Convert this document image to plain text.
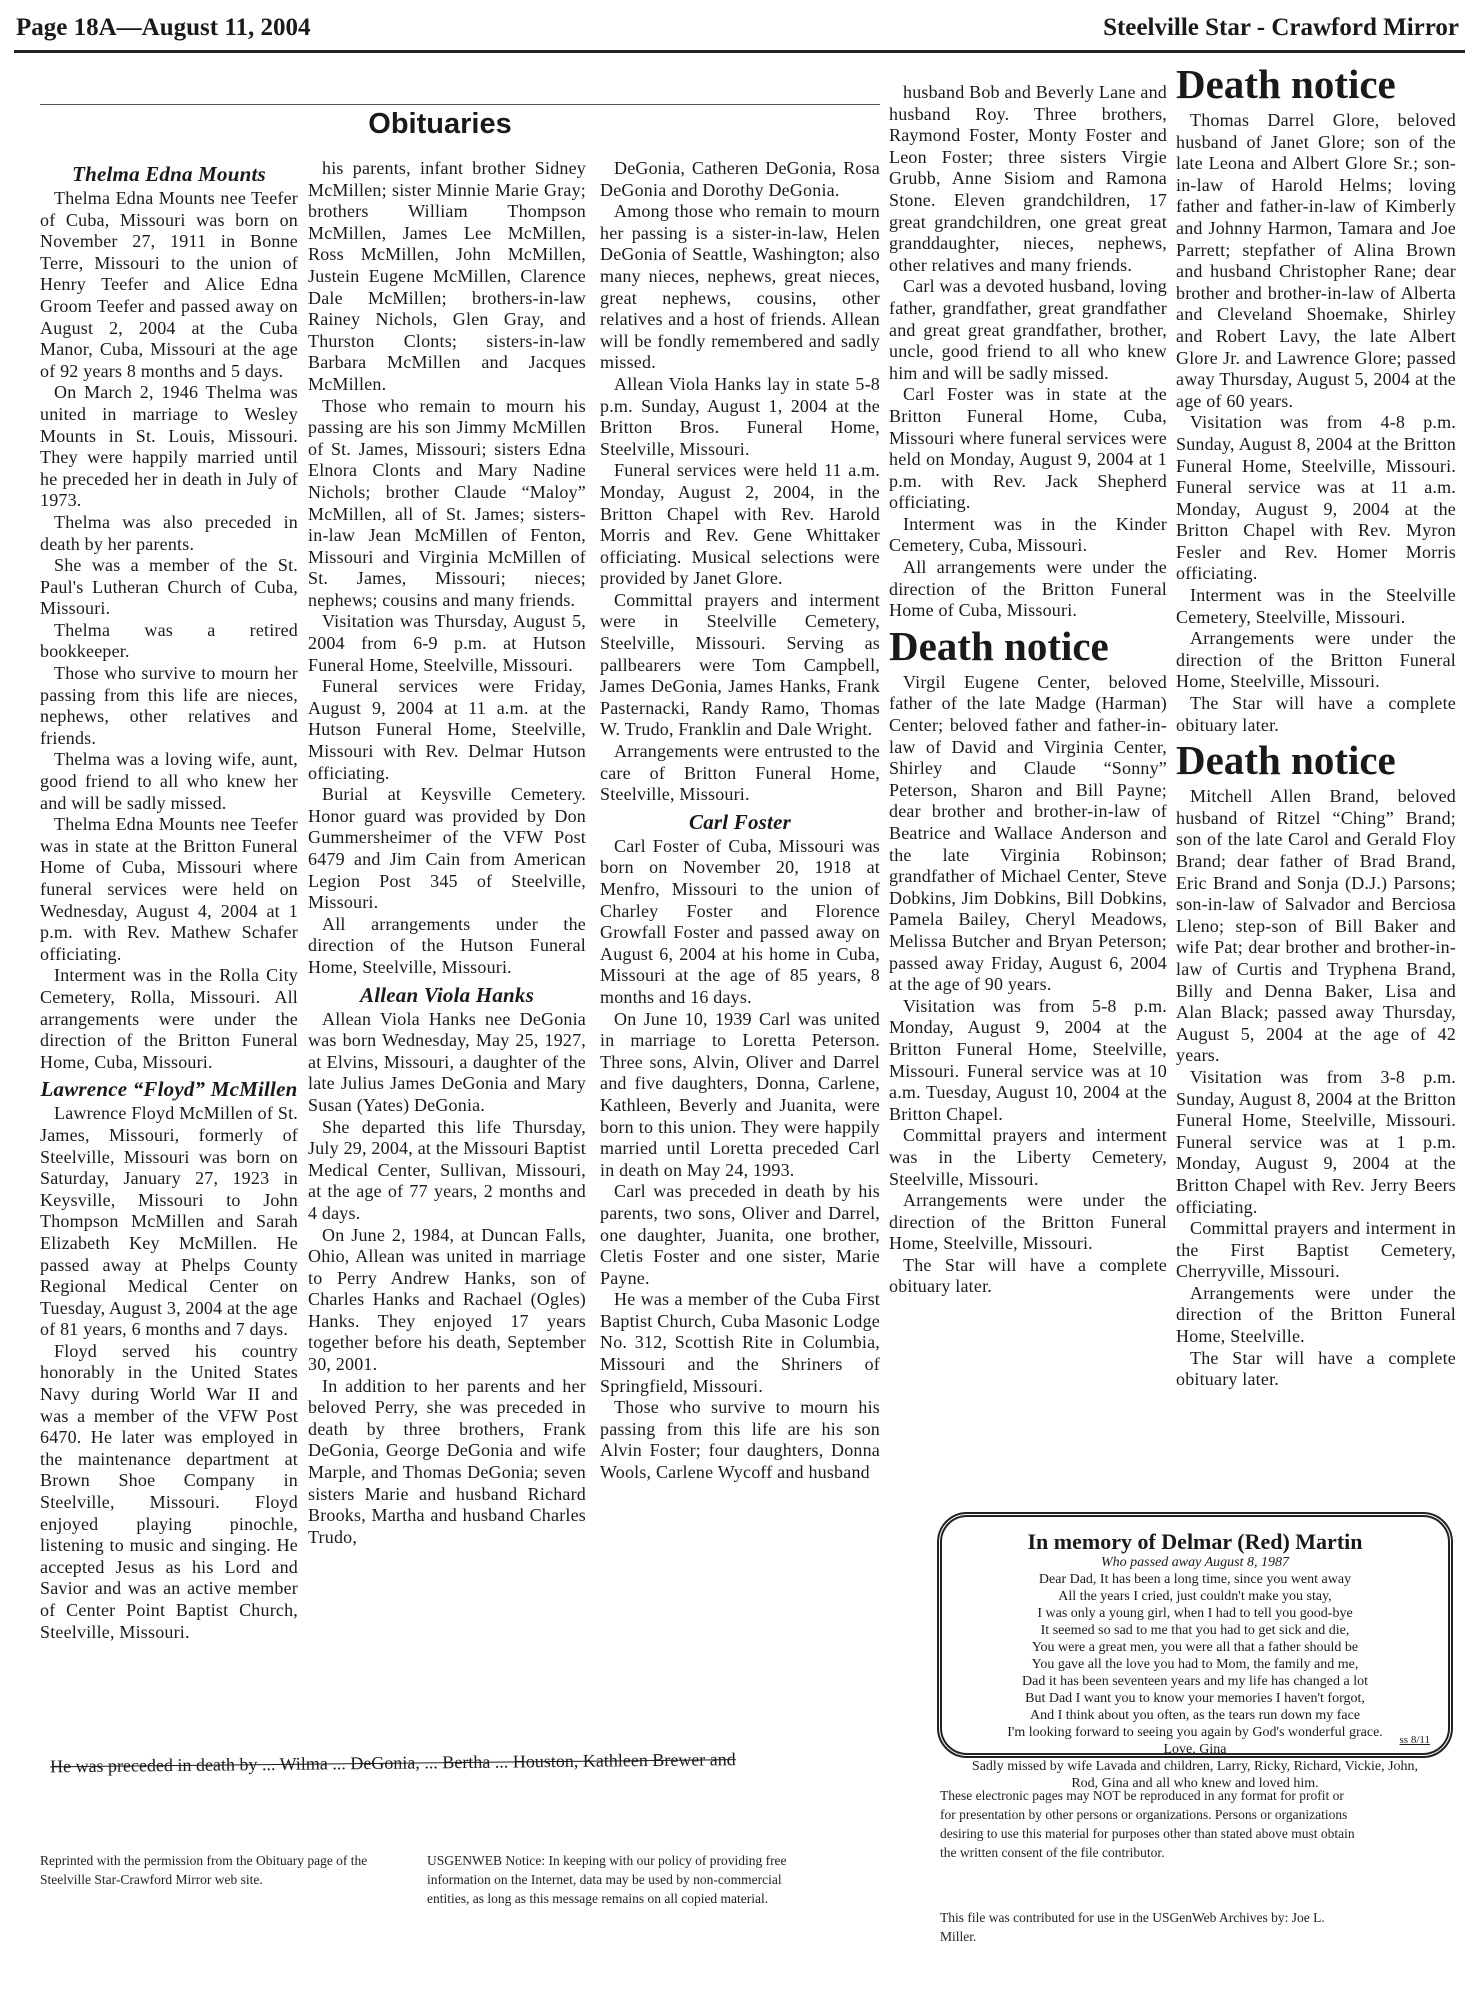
Page 18A—August 11, 2004	Steelville Star - Crawford Mirror
Obituaries
Thelma Edna Mounts

Thelma Edna Mounts nee Teefer of Cuba, Missouri was born on November 27, 1911 in Bonne Terre, Missouri to the union of Henry Teefer and Alice Edna Groom Teefer and passed away on August 2, 2004 at the Cuba Manor, Cuba, Missouri at the age of 92 years 8 months and 5 days.

On March 2, 1946 Thelma was united in marriage to Wesley Mounts in St. Louis, Missouri. They were happily married until he preceded her in death in July of 1973.

Thelma was also preceded in death by her parents.

She was a member of the St. Paul's Lutheran Church of Cuba, Missouri.

Thelma was a retired bookkeeper.

Those who survive to mourn her passing from this life are nieces, nephews, other relatives and friends.

Thelma was a loving wife, aunt, good friend to all who knew her and will be sadly missed.

Thelma Edna Mounts nee Teefer was in state at the Britton Funeral Home of Cuba, Missouri where funeral services were held on Wednesday, August 4, 2004 at 1 p.m. with Rev. Mathew Schafer officiating.

Interment was in the Rolla City Cemetery, Rolla, Missouri. All arrangements were under the direction of the Britton Funeral Home, Cuba, Missouri.

Lawrence “Floyd” McMillen

Lawrence Floyd McMillen of St. James, Missouri, formerly of Steelville, Missouri was born on Saturday, January 27, 1923 in Keysville, Missouri to John Thompson McMillen and Sarah Elizabeth Key McMillen. He passed away at Phelps County Regional Medical Center on Tuesday, August 3, 2004 at the age of 81 years, 6 months and 7 days.

Floyd served his country honorably in the United States Navy during World War II and was a member of the VFW Post 6470. He later was employed in the maintenance department at Brown Shoe Company in Steelville, Missouri. Floyd enjoyed playing pinochle, listening to music and singing. He accepted Jesus as his Lord and Savior and was an active member of Center Point Baptist Church, Steelville, Missouri.

his parents, infant brother Sidney McMillen; sister Minnie Marie Gray; brothers William Thompson McMillen, James Lee McMillen, Ross McMillen, John McMillen, Justein Eugene McMillen, Clarence Dale McMillen; brothers-in-law Rainey Nichols, Glen Gray, and Thurston Clonts; sisters-in-law Barbara McMillen and Jacques McMillen.

Those who remain to mourn his passing are his son Jimmy McMillen of St. James, Missouri; sisters Edna Elnora Clonts and Mary Nadine Nichols; brother Claude “Maloy” McMillen, all of St. James; sisters-in-law Jean McMillen of Fenton, Missouri and Virginia McMillen of St. James, Missouri; nieces; nephews; cousins and many friends.

Visitation was Thursday, August 5, 2004 from 6-9 p.m. at Hutson Funeral Home, Steelville, Missouri.

Funeral services were Friday, August 9, 2004 at 11 a.m. at the Hutson Funeral Home, Steelville, Missouri with Rev. Delmar Hutson officiating.

Burial at Keysville Cemetery. Honor guard was provided by Don Gummersheimer of the VFW Post 6479 and Jim Cain from American Legion Post 345 of Steelville, Missouri.

All arrangements under the direction of the Hutson Funeral Home, Steelville, Missouri.

Allean Viola Hanks

Allean Viola Hanks nee DeGonia was born Wednesday, May 25, 1927, at Elvins, Missouri, a daughter of the late Julius James DeGonia and Mary Susan (Yates) DeGonia.

She departed this life Thursday, July 29, 2004, at the Missouri Baptist Medical Center, Sullivan, Missouri, at the age of 77 years, 2 months and 4 days.

On June 2, 1984, at Duncan Falls, Ohio, Allean was united in marriage to Perry Andrew Hanks, son of Charles Hanks and Rachael (Ogles) Hanks. They enjoyed 17 years together before his death, September 30, 2001.

In addition to her parents and her beloved Perry, she was preceded in death by three brothers, Frank DeGonia, George DeGonia and wife Marple, and Thomas DeGonia; seven sisters Marie and husband Richard Brooks, Martha and husband Charles Trudo,

DeGonia, Catheren DeGonia, Rosa DeGonia and Dorothy DeGonia.

Among those who remain to mourn her passing is a sister-in-law, Helen DeGonia of Seattle, Washington; also many nieces, nephews, great nieces, great nephews, cousins, other relatives and a host of friends. Allean will be fondly remembered and sadly missed.

Allean Viola Hanks lay in state 5-8 p.m. Sunday, August 1, 2004 at the Britton Bros. Funeral Home, Steelville, Missouri.

Funeral services were held 11 a.m. Monday, August 2, 2004, in the Britton Chapel with Rev. Harold Morris and Rev. Gene Whittaker officiating. Musical selections were provided by Janet Glore.

Committal prayers and interment were in Steelville Cemetery, Steelville, Missouri. Serving as pallbearers were Tom Campbell, James DeGonia, James Hanks, Frank Pasternacki, Randy Ramo, Thomas W. Trudo, Franklin and Dale Wright.

Arrangements were entrusted to the care of Britton Funeral Home, Steelville, Missouri.

Carl Foster

Carl Foster of Cuba, Missouri was born on November 20, 1918 at Menfro, Missouri to the union of Charley Foster and Florence Growfall Foster and passed away on August 6, 2004 at his home in Cuba, Missouri at the age of 85 years, 8 months and 16 days.

On June 10, 1939 Carl was united in marriage to Loretta Peterson. Three sons, Alvin, Oliver and Darrel and five daughters, Donna, Carlene, Kathleen, Beverly and Juanita, were born to this union. They were happily married until Loretta preceded Carl in death on May 24, 1993.

Carl was preceded in death by his parents, two sons, Oliver and Darrel, one daughter, Juanita, one brother, Cletis Foster and one sister, Marie Payne.

He was a member of the Cuba First Baptist Church, Cuba Masonic Lodge No. 312, Scottish Rite in Columbia, Missouri and the Shriners of Springfield, Missouri.

Those who survive to mourn his passing from this life are his son Alvin Foster; four daughters, Donna Wools, Carlene Wycoff and husband

husband Bob and Beverly Lane and husband Roy. Three brothers, Raymond Foster, Monty Foster and Leon Foster; three sisters Virgie Grubb, Anne Sisiom and Ramona Stone. Eleven grandchildren, 17 great grandchildren, one great great granddaughter, nieces, nephews, other relatives and many friends.

Carl was a devoted husband, loving father, grandfather, great grandfather and great great grandfather, brother, uncle, good friend to all who knew him and will be sadly missed.

Carl Foster was in state at the Britton Funeral Home, Cuba, Missouri where funeral services were held on Monday, August 9, 2004 at 1 p.m. with Rev. Jack Shepherd officiating.

Interment was in the Kinder Cemetery, Cuba, Missouri.

All arrangements were under the direction of the Britton Funeral Home of Cuba, Missouri.

Death notice

Virgil Eugene Center, beloved father of the late Madge (Harman) Center; beloved father and father-in-law of David and Virginia Center, Shirley and Claude “Sonny” Peterson, Sharon and Bill Payne; dear brother and brother-in-law of Beatrice and Wallace Anderson and the late Virginia Robinson; grandfather of Michael Center, Steve Dobkins, Jim Dobkins, Bill Dobkins, Pamela Bailey, Cheryl Meadows, Melissa Butcher and Bryan Peterson; passed away Friday, August 6, 2004 at the age of 90 years.

Visitation was from 5-8 p.m. Monday, August 9, 2004 at the Britton Funeral Home, Steelville, Missouri. Funeral service was at 10 a.m. Tuesday, August 10, 2004 at the Britton Chapel.

Committal prayers and interment was in the Liberty Cemetery, Steelville, Missouri.

Arrangements were under the direction of the Britton Funeral Home, Steelville, Missouri.

The Star will have a complete obituary later.

Death notice

Thomas Darrel Glore, beloved husband of Janet Glore; son of the late Leona and Albert Glore Sr.; son-in-law of Harold Helms; loving father and father-in-law of Kimberly and Johnny Harmon, Tamara and Joe Parrett; stepfather of Alina Brown and husband Christopher Rane; dear brother and brother-in-law of Alberta and Cleveland Shoemake, Shirley and Robert Lavy, the late Albert Glore Jr. and Lawrence Glore; passed away Thursday, August 5, 2004 at the age of 60 years.

Visitation was from 4-8 p.m. Sunday, August 8, 2004 at the Britton Funeral Home, Steelville, Missouri. Funeral service was at 11 a.m. Monday, August 9, 2004 at the Britton Chapel with Rev. Myron Fesler and Rev. Homer Morris officiating.

Interment was in the Steelville Cemetery, Steelville, Missouri.

Arrangements were under the direction of the Britton Funeral Home, Steelville, Missouri.

The Star will have a complete obituary later.

Death notice

Mitchell Allen Brand, beloved husband of Ritzel “Ching” Brand; son of the late Carol and Gerald Floy Brand; dear father of Brad Brand, Eric Brand and Sonja (D.J.) Parsons; son-in-law of Salvador and Berciosa Lleno; step-son of Bill Baker and wife Pat; dear brother and brother-in-law of Curtis and Tryphena Brand, Billy and Denna Baker, Lisa and Alan Black; passed away Thursday, August 5, 2004 at the age of 42 years.

Visitation was from 3-8 p.m. Sunday, August 8, 2004 at the Britton Funeral Home, Steelville, Missouri. Funeral service was at 1 p.m. Monday, August 9, 2004 at the Britton Chapel with Rev. Jerry Beers officiating.

Committal prayers and interment in the First Baptist Cemetery, Cherryville, Missouri.

Arrangements were under the direction of the Britton Funeral Home, Steelville.

The Star will have a complete obituary later.

He was preceded in death by ... Wilma ... DeGonia, ... Bertha ... Houston, Kathleen Brewer and
In memory of Delmar (Red) Martin
Who passed away August 8, 1987
Dear Dad, It has been a long time, since you went away
All the years I cried, just couldn't make you stay,
I was only a young girl, when I had to tell you good-bye
It seemed so sad to me that you had to get sick and die,
You were a great men, you were all that a father should be
You gave all the love you had to Mom, the family and me,
Dad it has been seventeen years and my life has changed a lot
But Dad I want you to know your memories I haven't forgot,
And I think about you often, as the tears run down my face
I'm looking forward to seeing you again by God's wonderful grace.
Love, Gina
Sadly missed by wife Lavada and children, Larry, Ricky, Richard, Vickie, John,
Rod, Gina and all who knew and loved him.
ss 8/11
Reprinted with the permission from the Obituary page of the Steelville Star-Crawford Mirror web site.
USGENWEB Notice: In keeping with our policy of providing free information on the Internet, data may be used by non-commercial entities, as long as this message remains on all copied material.
These electronic pages may NOT be reproduced in any format for profit or for presentation by other persons or organizations. Persons or organizations desiring to use this material for purposes other than stated above must obtain the written consent of the file contributor.
This file was contributed for use in the USGenWeb Archives by: Joe L. Miller.
